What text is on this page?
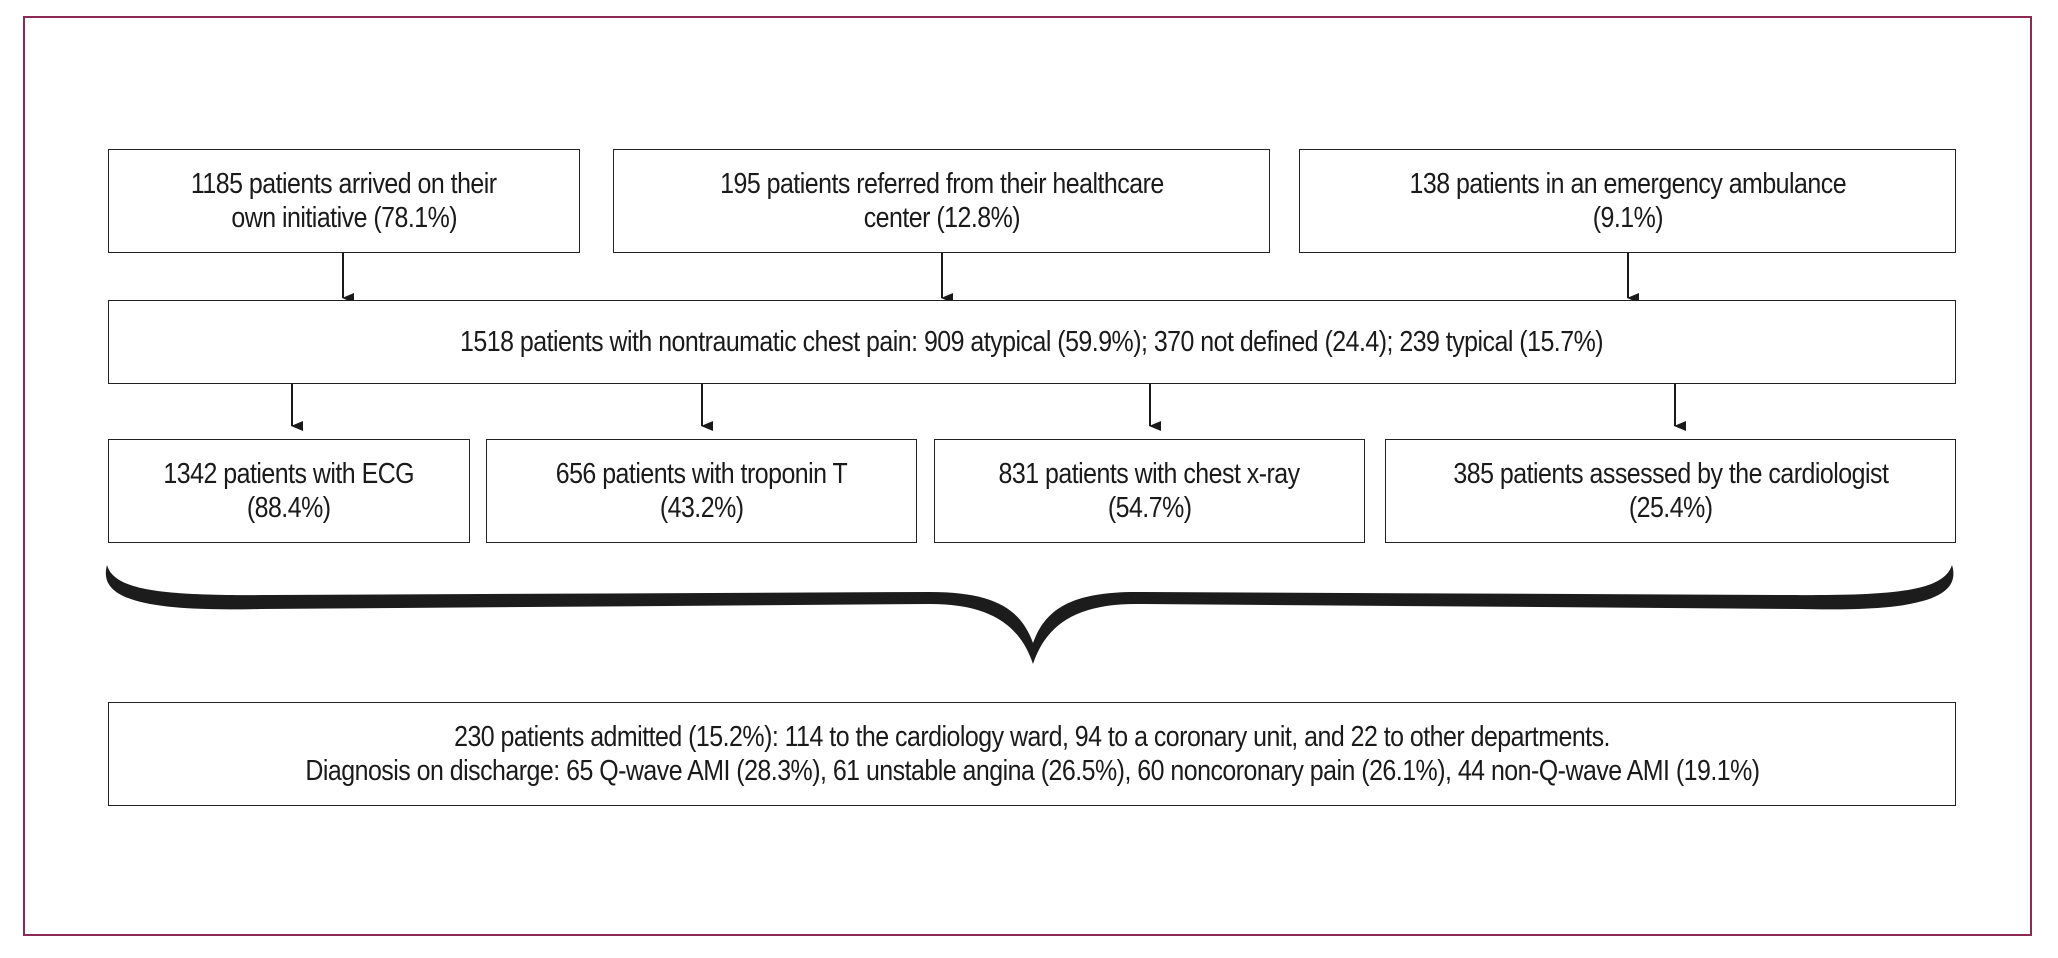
1185 patients arrived on their
own initiative (78.1%)
195 patients referred from their healthcare
center (12.8%)
138 patients in an emergency ambulance
(9.1%)
1518 patients with nontraumatic chest pain: 909 atypical (59.9%); 370 not defined (24.4); 239 typical (15.7%)
1342 patients with ECG
(88.4%)
656 patients with troponin T
(43.2%)
831 patients with chest x-ray
(54.7%)
385 patients assessed by the cardiologist
(25.4%)
230 patients admitted (15.2%): 114 to the cardiology ward, 94 to a coronary unit, and 22 to other departments.
Diagnosis on discharge: 65 Q-wave AMI (28.3%), 61 unstable angina (26.5%), 60 noncoronary pain (26.1%), 44 non-Q-wave AMI (19.1%)
